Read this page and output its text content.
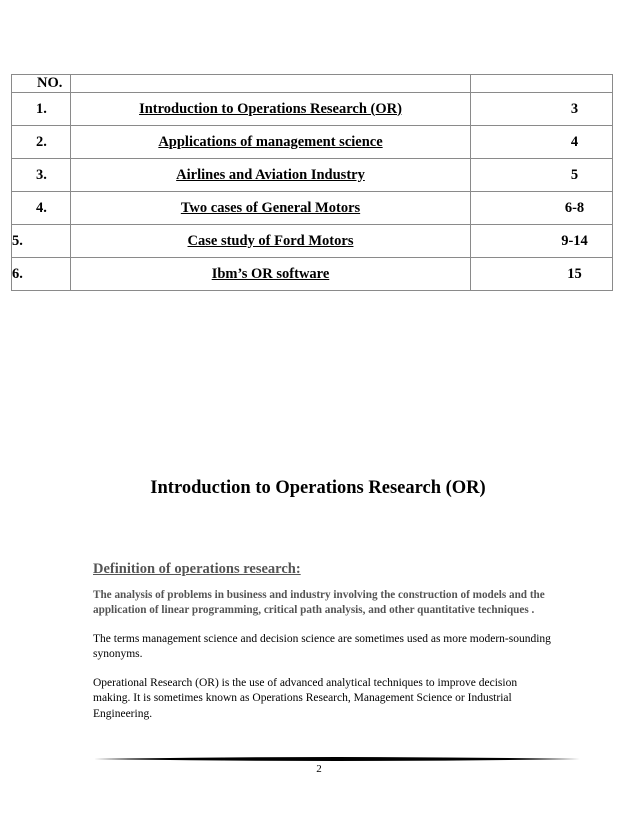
NO.		
1.	Introduction to Operations Research (OR)	3
2.	Applications of management science	4
3.	Airlines and Aviation Industry	5
4.	Two cases of General Motors	6-8
5.	Case study of Ford Motors	9-14
6.	Ibm’s OR software	15
Introduction to Operations Research (OR)
Definition of operations research:
The analysis of problems in business and industry involving the construction of models and the application of linear programming, critical path analysis, and other quantitative techniques .
The terms management science and decision science are sometimes used as more modern-sounding synonyms.
Operational Research (OR) is the use of advanced analytical techniques to improve decision making. It is sometimes known as Operations Research, Management Science or Industrial Engineering.
2
